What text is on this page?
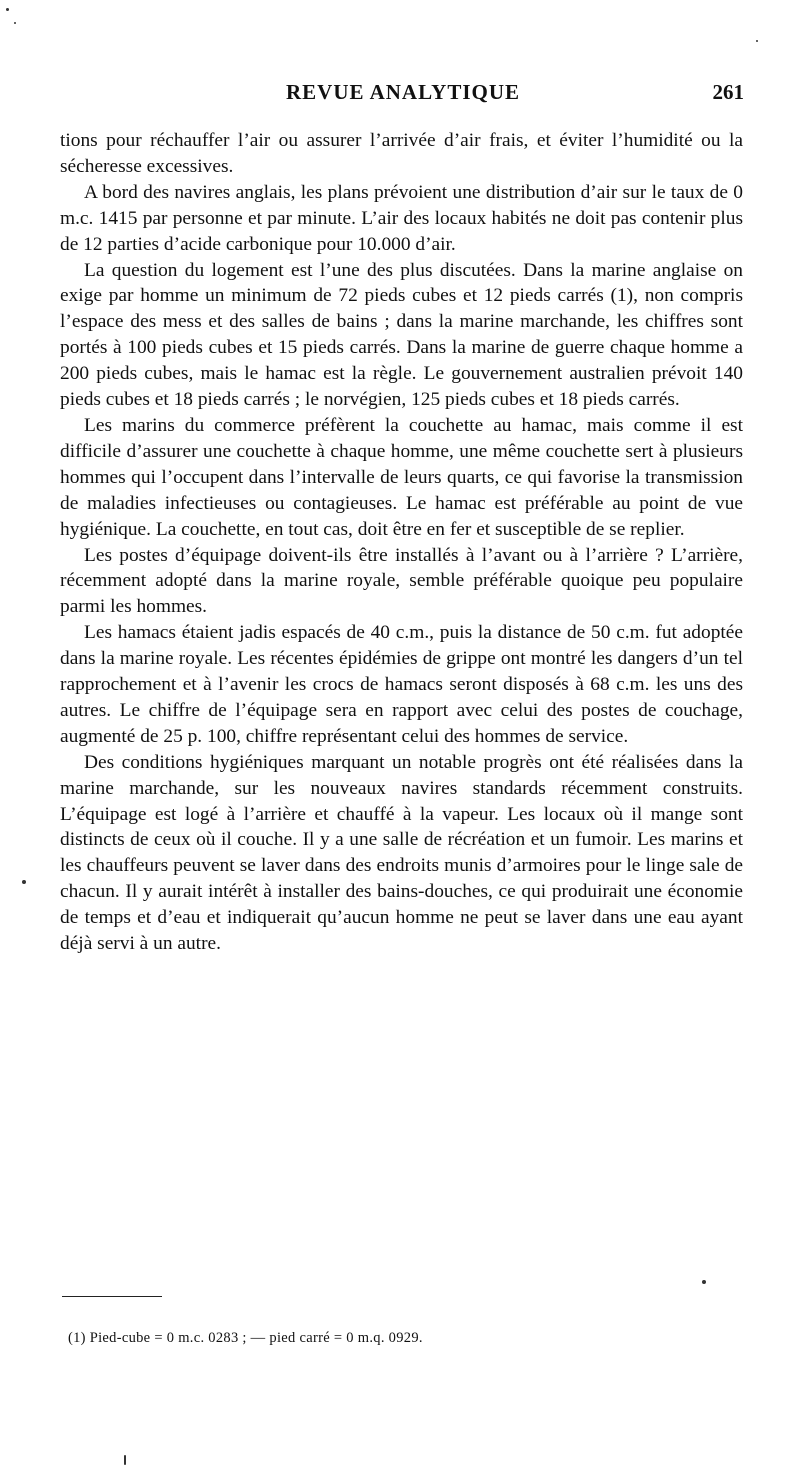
REVUE ANALYTIQUE	261

tions pour réchauffer l’air ou assurer l’arrivée d’air frais, et éviter l’humidité ou la sécheresse excessives.

A bord des navires anglais, les plans prévoient une distribution d’air sur le taux de 0 m.c. 1415 par personne et par minute. L’air des locaux habités ne doit pas contenir plus de 12 parties d’acide carbonique pour 10.000 d’air.

La question du logement est l’une des plus discutées. Dans la marine anglaise on exige par homme un minimum de 72 pieds cubes et 12 pieds carrés (1), non compris l’espace des mess et des salles de bains ; dans la marine marchande, les chiffres sont portés à 100 pieds cubes et 15 pieds carrés. Dans la marine de guerre chaque homme a 200 pieds cubes, mais le hamac est la règle. Le gouvernement australien prévoit 140 pieds cubes et 18 pieds carrés ; le norvégien, 125 pieds cubes et 18 pieds carrés.

Les marins du commerce préfèrent la couchette au hamac, mais comme il est difficile d’assurer une couchette à chaque homme, une même couchette sert à plusieurs hommes qui l’occupent dans l’intervalle de leurs quarts, ce qui favorise la transmission de maladies infectieuses ou contagieuses. Le hamac est préférable au point de vue hygiénique. La couchette, en tout cas, doit être en fer et susceptible de se replier.

Les postes d’équipage doivent-ils être installés à l’avant ou à l’arrière ? L’arrière, récemment adopté dans la marine royale, semble préférable quoique peu populaire parmi les hommes.

Les hamacs étaient jadis espacés de 40 c.m., puis la distance de 50 c.m. fut adoptée dans la marine royale. Les récentes épidémies de grippe ont montré les dangers d’un tel rapprochement et à l’avenir les crocs de hamacs seront disposés à 68 c.m. les uns des autres. Le chiffre de l’équipage sera en rapport avec celui des postes de couchage, augmenté de 25 p. 100, chiffre représentant celui des hommes de service.

Des conditions hygiéniques marquant un notable progrès ont été réalisées dans la marine marchande, sur les nouveaux navires standards récemment construits. L’équipage est logé à l’arrière et chauffé à la vapeur. Les locaux où il mange sont distincts de ceux où il couche. Il y a une salle de récréation et un fumoir. Les marins et les chauffeurs peuvent se laver dans des endroits munis d’armoires pour le linge sale de chacun. Il y aurait intérêt à installer des bains-douches, ce qui produirait une économie de temps et d’eau et indiquerait qu’aucun homme ne peut se laver dans une eau ayant déjà servi à un autre.

(1) Pied-cube = 0 m.c. 0283 ; — pied carré = 0 m.q. 0929.
